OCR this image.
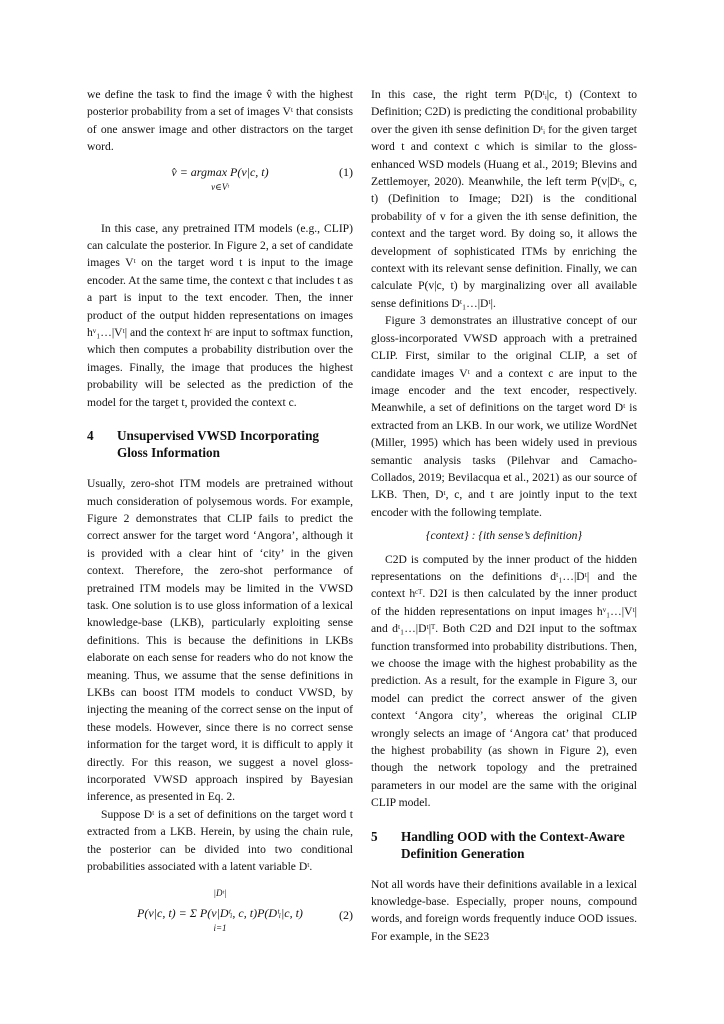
we define the task to find the image v̂ with the highest posterior probability from a set of images Vᵗ that consists of one answer image and other distractors on the target word.

v̂ = argmax P(v|c, t)
v∈Vᵗ
(1)

In this case, any pretrained ITM models (e.g., CLIP) can calculate the posterior. In Figure 2, a set of candidate images Vᵗ on the target word t is input to the image encoder. At the same time, the context c that includes t as a part is input to the text encoder. Then, the inner product of the output hidden representations on images hᵛ₁…|Vᵗ| and the context hᶜ are input to softmax function, which then computes a probability distribution over the images. Finally, the image that produces the highest probability will be selected as the prediction of the model for the target t, provided the context c.

4	Unsupervised VWSD Incorporating Gloss Information

Usually, zero-shot ITM models are pretrained without much consideration of polysemous words. For example, Figure 2 demonstrates that CLIP fails to predict the correct answer for the target word ‘Angora’, although it is provided with a clear hint of ‘city’ in the given context. Therefore, the zero-shot performance of pretrained ITM models may be limited in the VWSD task. One solution is to use gloss information of a lexical knowledge-base (LKB), particularly exploiting sense definitions. This is because the definitions in LKBs elaborate on each sense for readers who do not know the meaning. Thus, we assume that the sense definitions in LKBs can boost ITM models to conduct VWSD, by injecting the meaning of the correct sense on the input of these models. However, since there is no correct sense information for the target word, it is difficult to apply it directly. For this reason, we suggest a novel gloss-incorporated VWSD approach inspired by Bayesian inference, as presented in Eq. 2.

Suppose Dᵗ is a set of definitions on the target word t extracted from a LKB. Herein, by using the chain rule, the posterior can be divided into two conditional probabilities associated with a latent variable Dᵗ.

|Dᵗ|
P(v|c, t) = Σ P(v|Dᵗᵢ, c, t)P(Dᵗᵢ|c, t)
i=1
(2)

In this case, the right term P(Dᵗᵢ|c, t) (Context to Definition; C2D) is predicting the conditional probability over the given ith sense definition Dᵗᵢ for the given target word t and context c which is similar to the gloss-enhanced WSD models (Huang et al., 2019; Blevins and Zettlemoyer, 2020). Meanwhile, the left term P(v|Dᵗᵢ, c, t) (Definition to Image; D2I) is the conditional probability of v for a given the ith sense definition, the context and the target word. By doing so, it allows the development of sophisticated ITMs by enriching the context with its relevant sense definition. Finally, we can calculate P(v|c, t) by marginalizing over all available sense definitions Dᵗ₁…|Dᵗ|.

Figure 3 demonstrates an illustrative concept of our gloss-incorporated VWSD approach with a pretrained CLIP. First, similar to the original CLIP, a set of candidate images Vᵗ and a context c are input to the image encoder and the text encoder, respectively. Meanwhile, a set of definitions on the target word Dᵗ is extracted from an LKB. In our work, we utilize WordNet (Miller, 1995) which has been widely used in previous semantic analysis tasks (Pilehvar and Camacho-Collados, 2019; Bevilacqua et al., 2021) as our source of LKB. Then, Dᵗ, c, and t are jointly input to the text encoder with the following template.

{context} : {ith sense’s definition}

C2D is computed by the inner product of the hidden representations on the definitions dᵗ₁…|Dᵗ| and the context hᶜᵀ. D2I is then calculated by the inner product of the hidden representations on input images hᵛ₁…|Vᵗ| and dᵗ₁…|Dᵗ|ᵀ. Both C2D and D2I input to the softmax function transformed into probability distributions. Then, we choose the image with the highest probability as the prediction. As a result, for the example in Figure 3, our model can predict the correct answer of the given context ‘Angora city’, whereas the original CLIP wrongly selects an image of ‘Angora cat’ that produced the highest probability (as shown in Figure 2), even though the network topology and the pretrained parameters in our model are the same with the original CLIP model.

5	Handling OOD with the Context-Aware Definition Generation

Not all words have their definitions available in a lexical knowledge-base. Especially, proper nouns, compound words, and foreign words frequently induce OOD issues. For example, in the SE23
